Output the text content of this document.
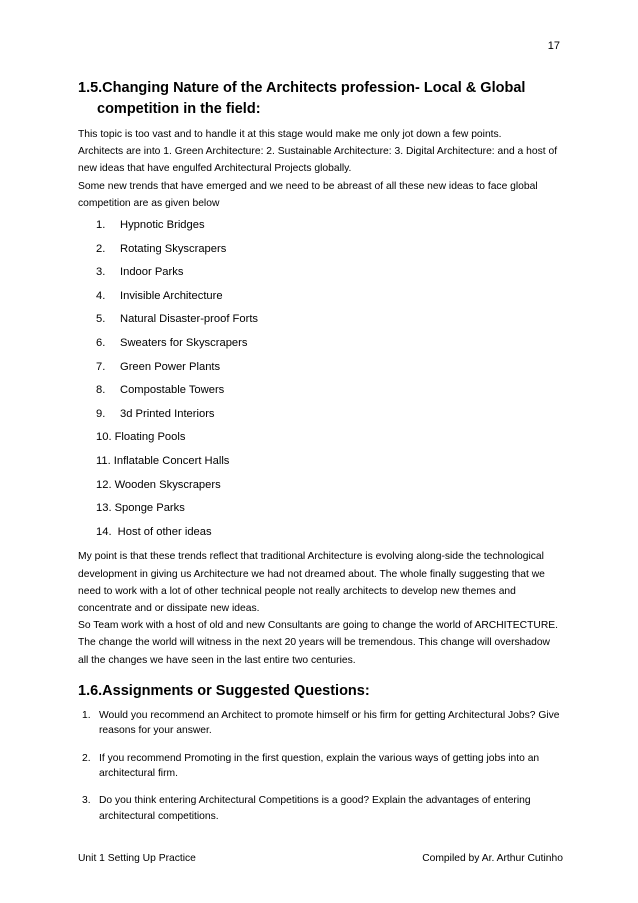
17
1.5.Changing Nature of the Architects profession- Local & Global competition in the field:

This topic is too vast and to handle it at this stage would make me only jot down a few points.

Architects are into 1. Green Architecture: 2. Sustainable Architecture: 3. Digital Architecture: and a host of new ideas that have engulfed Architectural Projects globally.

Some new trends that have emerged and we need to be abreast of all these new ideas to face global competition are as given below

1.	Hypnotic Bridges
2.	Rotating Skyscrapers
3.	Indoor Parks
4.	Invisible Architecture
5.	Natural Disaster-proof Forts
6.	Sweaters for Skyscrapers
7.	Green Power Plants
8.	Compostable Towers
9.	3d Printed Interiors
10. Floating Pools
11. Inflatable Concert Halls
12. Wooden Skyscrapers
13. Sponge Parks
14. Host of other ideas

My point is that these trends reflect that traditional Architecture is evolving along-side the technological development in giving us Architecture we had not dreamed about. The whole finally suggesting that we need to work with a lot of other technical people not really architects to develop new themes and concentrate and or dissipate new ideas.

So Team work with a host of old and new Consultants are going to change the world of ARCHITECTURE. The change the world will witness in the next 20 years will be tremendous. This change will overshadow all the changes we have seen in the last entire two centuries.

1.6.Assignments or Suggested Questions:
1. Would you recommend an Architect to promote himself or his firm for getting Architectural Jobs? Give reasons for your answer.
2. If you recommend Promoting in the first question, explain the various ways of getting jobs into an architectural firm.
3. Do you think entering Architectural Competitions is a good? Explain the advantages of entering architectural competitions.
Unit 1 Setting Up Practice	Compiled by Ar. Arthur Cutinho
